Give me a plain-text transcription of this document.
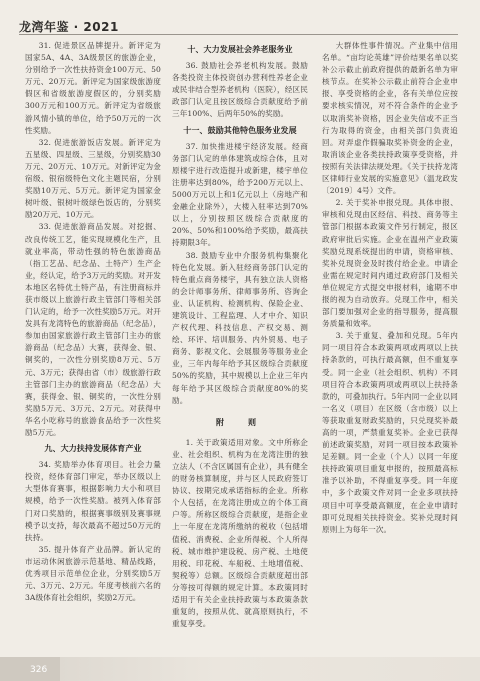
龙湾年鉴 · 2021

31. 促进景区品牌提升。新评定为国家5A、4A、3A级景区的旅游企业，分别给予一次性扶持资金100万元、50万元、20万元。新评定为国家级旅游度假区和省级旅游度假区的，分别奖励300万元和100万元。新评定为省级旅游风情小镇的单位，给予50万元的一次性奖励。

32. 促进旅游饭店发展。新评定为五星级、四星级、三星级，分别奖励30万元、20万元、10万元。对新评定为金宿级、银宿级特色文化主题民宿，分别奖励10万元、5万元。新评定为国家金树叶级、银树叶级绿色饭店的，分别奖励20万元、10万元。

33. 促进旅游商品发展。对挖掘、改良传统工艺，能实现规模化生产，且就业率高，带动性强的特色旅游商品（指工艺品、纪念品、土特产）生产企业，经认定，给予3万元的奖励。对开发本地区名特优土特产品，有注册商标并获市级以上旅游行政主管部门等相关部门认定的，给予一次性奖励5万元。对开发具有龙湾特色的旅游商品（纪念品），参加由国家旅游行政主管部门主办的旅游商品（纪念品）大赛，获得金、银、铜奖的，一次性分别奖励8万元、5万元、3万元；获得由省（市）级旅游行政主管部门主办的旅游商品（纪念品）大赛，获得金、银、铜奖的，一次性分别奖励5万元、3万元、2万元。对获得中华名小吃称号的旅游食品给予一次性奖励5万元。

九、大力扶持发展体育产业

34. 奖励举办体育项目。社会力量投资，经体育部门审定，举办区级以上大型体育赛事，根据影响力大小和项目规模，给予一次性奖励。被列入体育部门对口奖励的，根据赛事级别及赛事规模予以支持，每次最高不超过50万元的扶持。

35. 提升体育产业品牌。新认定的市运动休闲旅游示范基地、精品线路，优秀项目示范单位企业，分别奖励5万元、3万元、2万元。年度考核前六名的3A级体育社会组织，奖励2万元。

十、大力发展社会养老服务业

36. 鼓励社会养老机构发展。鼓励各类投资主体投资创办营利性养老企业或民非结合型养老机构（医院），经区民政部门认定且按区级综合贡献度给予前三年100%、后两年50%的奖励。

十一、鼓励其他特色服务业发展

37. 加快推进楼宇经济发展。经商务部门认定的单体建筑或综合体，且对原楼宇进行改造提升或新建，楼宇单位注册率达到80%，给予200万元以上、5000万元以上和1亿元以上（房地产和金融企业除外），大楼入驻率达到70%以上，分别按照区级综合贡献度的20%、50%和100%给予奖励，最高扶持期限3年。

38. 鼓励专业中介服务机构集聚化特色化发展。新入驻经商务部门认定的特色重点商务楼宇，具有独立法人资格的会计师事务所、律师事务所、咨询企业、认证机构、检测机构、保险企业、建筑设计、工程监理、人才中介、知识产权代理、科技信息、产权交易、测绘、环评、培训服务、内外贸易、电子商务、影视文化、会展服务等服务业企业，三年内每年给予其区级综合贡献度50%的奖励，其中规模以上企业三年内每年给予其区级综合贡献度80%的奖励。

附　则

1. 关于政策适用对象。文中所称企业、社会组织、机构为在龙湾注册的独立法人（不含区属国有企业），具有健全的财务核算制度，并与区人民政府签订协议、按期完成承诺指标的企业。所称个人包括，在龙湾注册成立的个体工商户等。所称区级综合贡献度，是指企业上一年度在龙湾所缴纳的税收（包括增值税、消费税、企业所得税、个人所得税、城市维护建设税、房产税、土地使用税、印花税、车船税、土地增值税、契税等）总额。区级综合贡献度超出部分等按可得额的规定计算。本政策同时适用于有关企业扶持政策与本政策条款重复的，按照从优、就高原则执行，不重复享受。

大群体性事件情况。产业集中信用名单。“亩均论英雄”评价结果名单以奖补公示截止前政府提供的最新名单为审核节点。在奖补公示截止前符合企业申报、享受资格的企业，各有关单位应按要求核实情况，对不符合条件的企业予以取消奖补资格，因企业失信或不正当行为取得的资金，由相关部门负责追回。对弄虚作假骗取奖补资金的企业，取消该企业各类扶持政策享受资格，并按照有关法律法规处理。《关于扶持龙湾区律师行业发展的实施意见》（温龙政发〔2019〕4号）文件。

2. 关于奖补申报兑现。具体申报、审核和兑现由区经信、科技、商务等主管部门根据本政策文件另行制定，报区政府审批后实施。企业在温州产业政策奖励兑现系统提出的申请，资格审核、奖补兑现资金及时拨付给企业。申请企业需在规定时间内通过政府部门及相关单位规定方式提交申报材料，逾期不申报的视为自动放弃。兑现工作中，相关部门要加强对企业的指导服务，提高服务质量和效率。

3. 关于重复、叠加和兑现。5年内同一项目符合本政策两项或两项以上扶持条款的，可执行最高额，但不重复享受。同一企业（社会组织、机构）不同项目符合本政策两项或两项以上扶持条款的，可叠加执行。5年内同一企业以同一名义（项目）在区级（含市级）以上等获取重复财政奖励的，只兑现奖补最高的一项，严禁重复奖补。企业已获得前述政策奖励，对同一项目按本政策补足差额。同一企业（个人）以同一年度扶持政策项目重复申报的，按照最高标准予以补助，不得重复享受。同一年度中，多个政策文件对同一企业多项扶持项目中可享受最高额度，在企业申请时即可兑现相关扶持资金。奖补兑现时间原则上为每年一次。

326
